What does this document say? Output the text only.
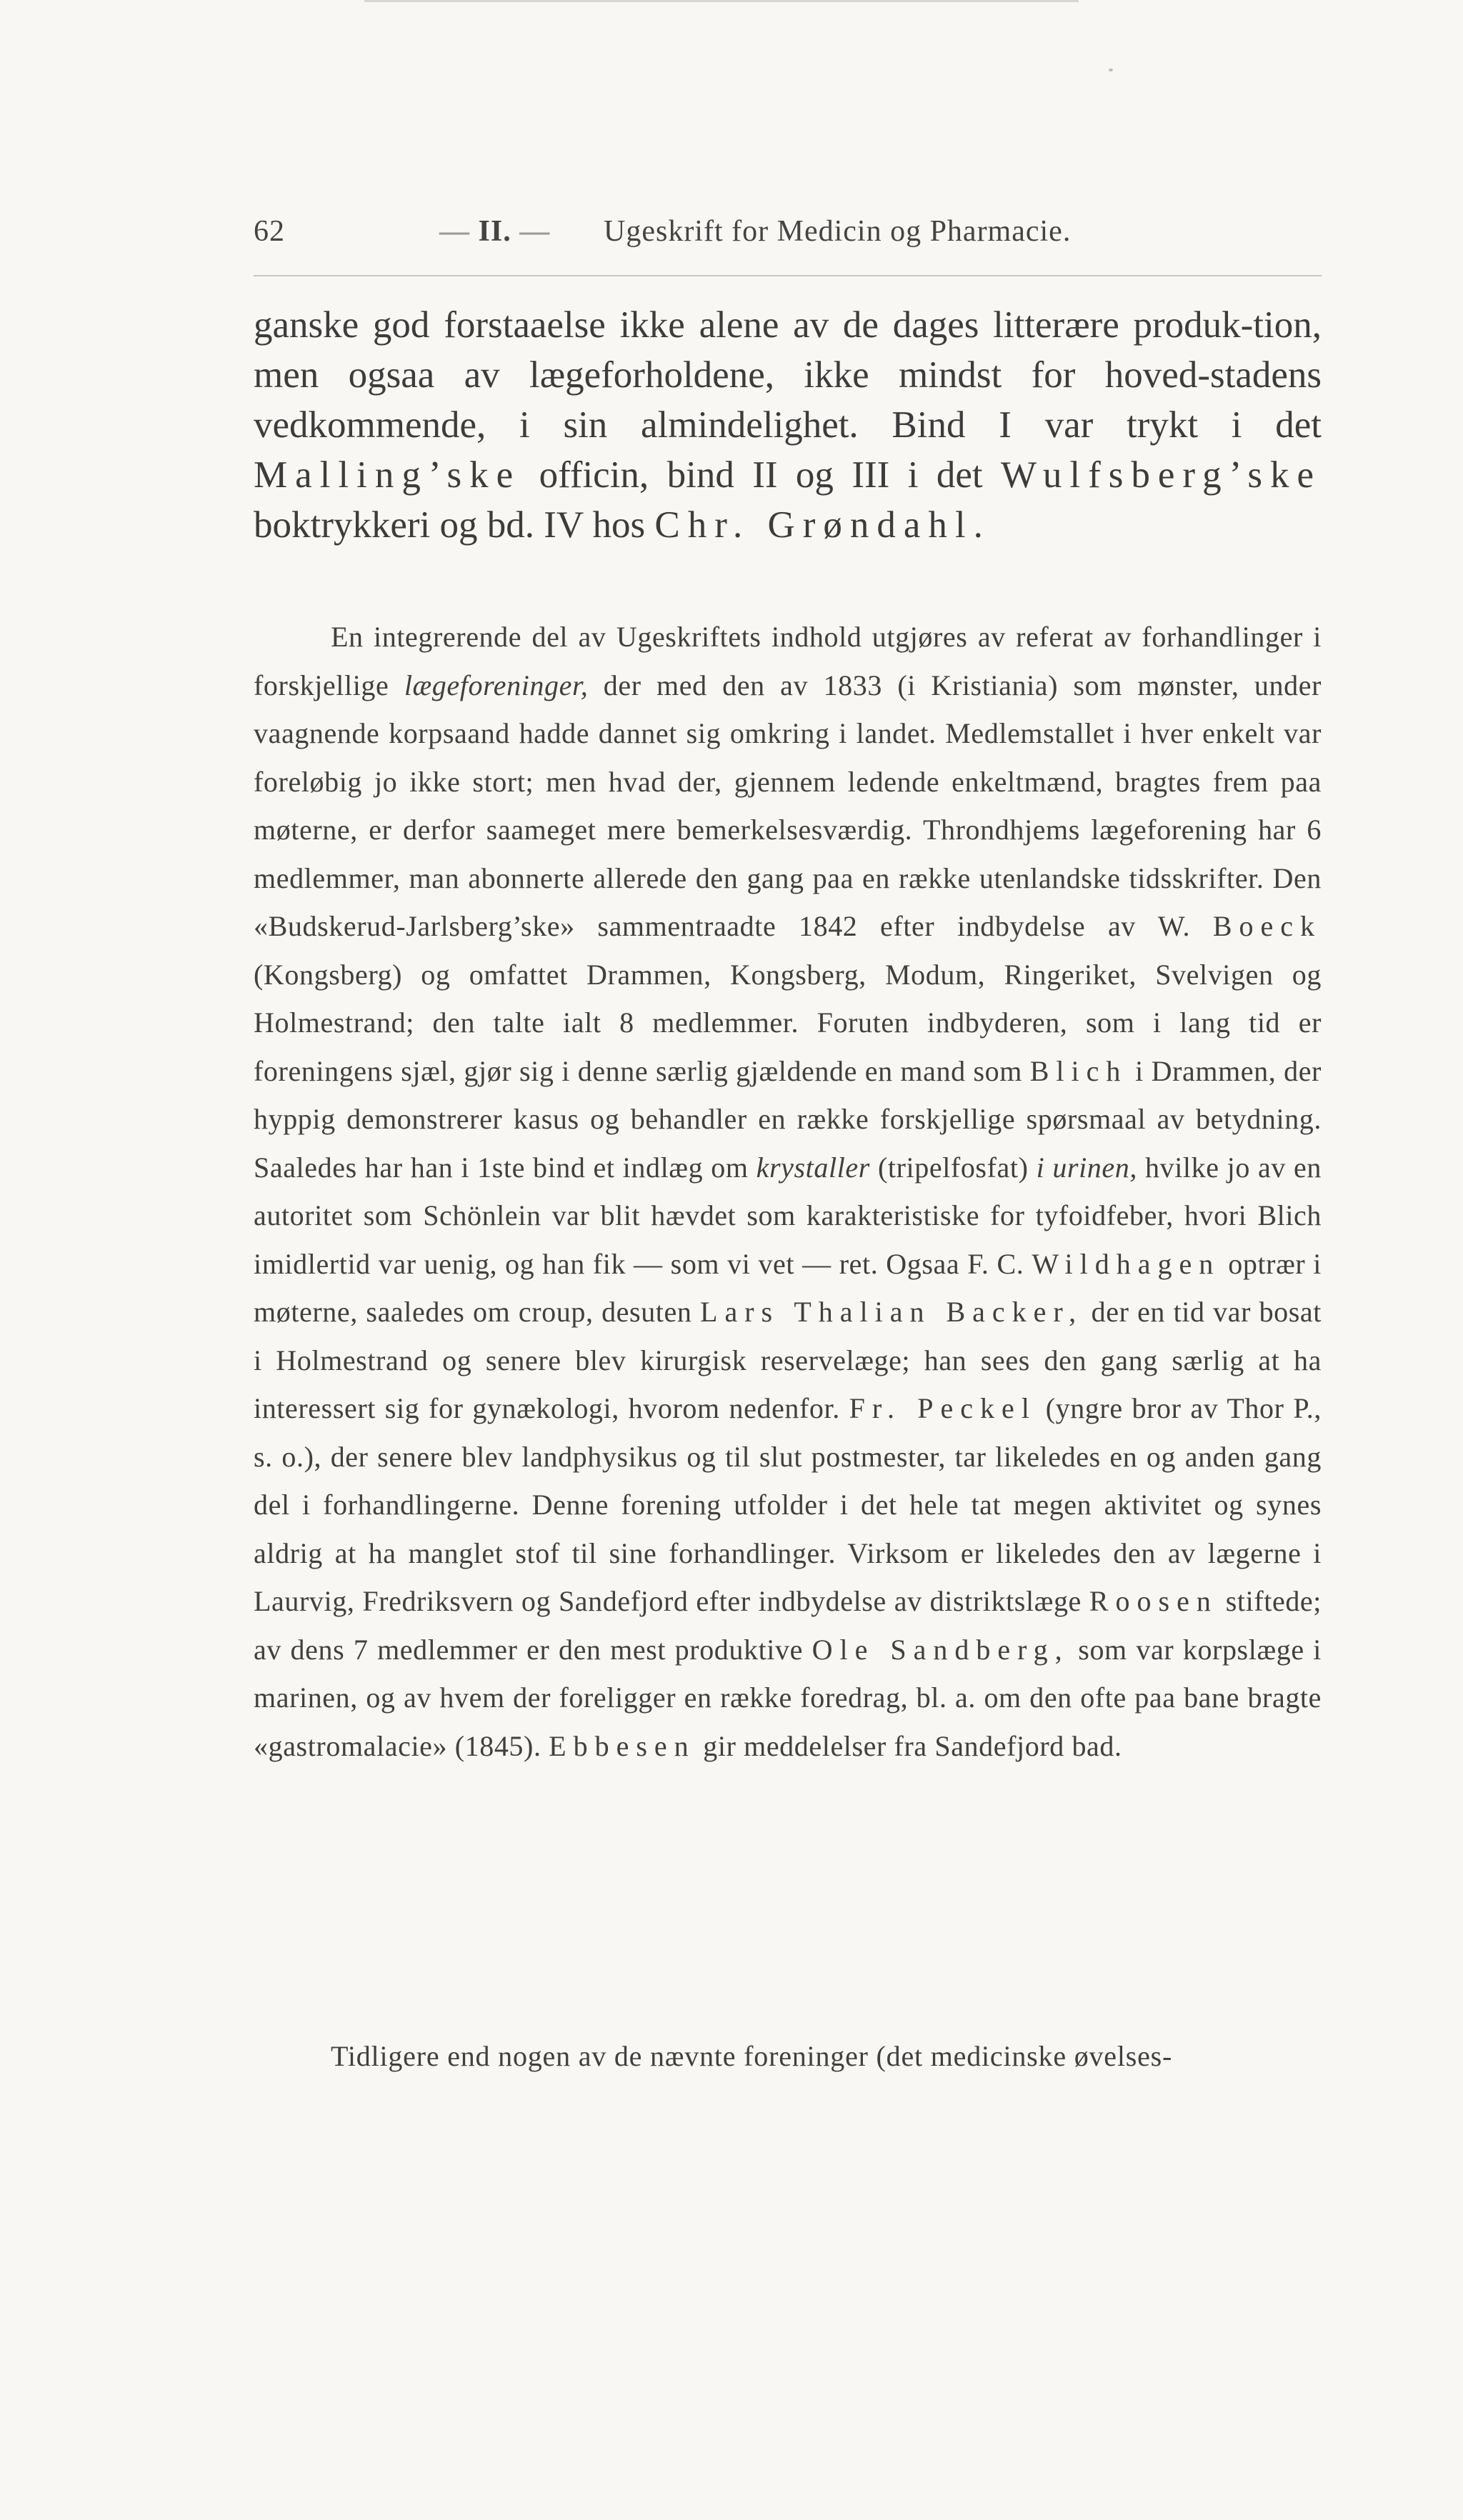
62	— II. — Ugeskrift for Medicin og Pharmacie.

ganske god forstaaelse ikke alene av de dages litterære produk-tion, men ogsaa av lægeforholdene, ikke mindst for hoved-stadens vedkommende, i sin almindelighet. Bind I var trykt i det Malling’ske officin, bind II og III i det Wulfsberg’ske boktrykkeri og bd. IV hos Chr. Grøndahl.

En integrerende del av Ugeskriftets indhold utgjøres av referat av forhandlinger i forskjellige lægeforeninger, der med den av 1833 (i Kristiania) som mønster, under vaagnende korpsaand hadde dannet sig omkring i landet. Medlemstallet i hver enkelt var foreløbig jo ikke stort; men hvad der, gjennem ledende enkeltmænd, bragtes frem paa møterne, er derfor saameget mere bemerkelsesværdig. Throndhjems lægeforening har 6 medlemmer, man abonnerte allerede den gang paa en række utenlandske tidsskrifter. Den «Budskerud-Jarlsberg’ske» sammentraadte 1842 efter indbydelse av W. Boeck (Kongsberg) og omfattet Drammen, Kongsberg, Modum, Ringeriket, Svelvigen og Holmestrand; den talte ialt 8 medlemmer. Foruten indbyderen, som i lang tid er foreningens sjæl, gjør sig i denne særlig gjældende en mand som Blich i Drammen, der hyppig demonstrerer kasus og behandler en række forskjellige spørsmaal av betydning. Saaledes har han i 1ste bind et indlæg om krystaller (tripelfosfat) i urinen, hvilke jo av en autoritet som Schönlein var blit hævdet som karakteristiske for tyfoidfeber, hvori Blich imidlertid var uenig, og han fik — som vi vet — ret. Ogsaa F. C. Wildhagen optrær i møterne, saaledes om croup, desuten Lars Thalian Backer, der en tid var bosat i Holmestrand og senere blev kirurgisk reservelæge; han sees den gang særlig at ha interessert sig for gynækologi, hvorom nedenfor. Fr. Peckel (yngre bror av Thor P., s. o.), der senere blev landphysikus og til slut postmester, tar likeledes en og anden gang del i forhandlingerne. Denne forening utfolder i det hele tat megen aktivitet og synes aldrig at ha manglet stof til sine forhandlinger. Virksom er likeledes den av lægerne i Laurvig, Fredriksvern og Sandefjord efter indbydelse av distriktslæge Roosen stiftede; av dens 7 medlemmer er den mest produktive Ole Sandberg, som var korpslæge i marinen, og av hvem der foreligger en række foredrag, bl. a. om den ofte paa bane bragte «gastromalacie» (1845). Ebbesen gir meddelelser fra Sandefjord bad.

Tidligere end nogen av de nævnte foreninger (det medicinske øvelses-
